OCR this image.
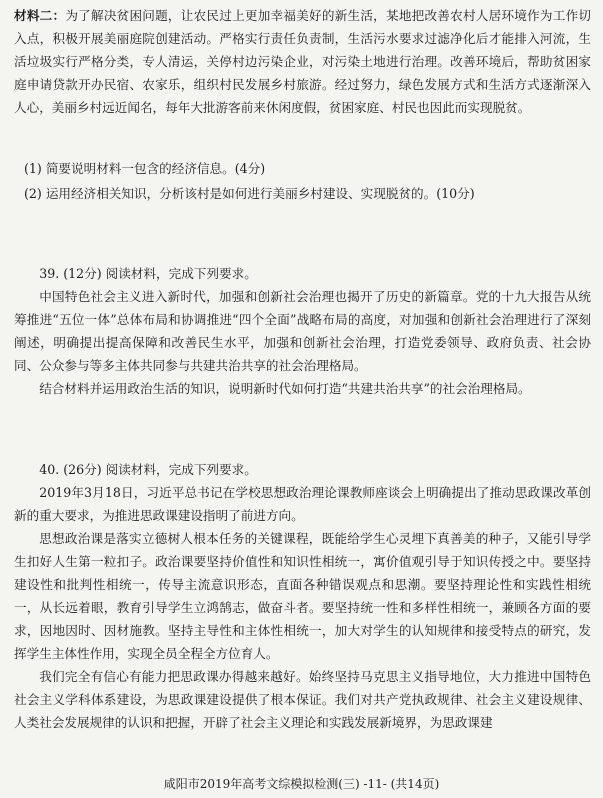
材料二：为了解决贫困问题，让农民过上更加幸福美好的新生活，某地把改善农村人居环境作为工作切入点，积极开展美丽庭院创建活动。严格实行责任负责制，生活污水要求过滤净化后才能排入河流，生活垃圾实行严格分类，专人清运，关停村边污染企业，对污染土地进行治理。改善环境后，帮助贫困家庭申请贷款开办民宿、农家乐，组织村民发展乡村旅游。经过努力，绿色发展方式和生活方式逐渐深入人心，美丽乡村远近闻名，每年大批游客前来休闲度假，贫困家庭、村民也因此而实现脱贫。

(1) 简要说明材料一包含的经济信息。(4分)

(2) 运用经济相关知识，分析该村是如何进行美丽乡村建设、实现脱贫的。(10分)

39. (12分) 阅读材料，完成下列要求。

中国特色社会主义进入新时代，加强和创新社会治理也揭开了历史的新篇章。党的十九大报告从统筹推进“五位一体”总体布局和协调推进“四个全面”战略布局的高度，对加强和创新社会治理进行了深刻阐述，明确提出提高保障和改善民生水平，加强和创新社会治理，打造党委领导、政府负责、社会协同、公众参与等多主体共同参与共建共治共享的社会治理格局。

结合材料并运用政治生活的知识，说明新时代如何打造“共建共治共享”的社会治理格局。

40. (26分) 阅读材料，完成下列要求。

2019年3月18日，习近平总书记在学校思想政治理论课教师座谈会上明确提出了推动思政课改革创新的重大要求，为推进思政课建设指明了前进方向。

思想政治课是落实立德树人根本任务的关键课程，既能给学生心灵埋下真善美的种子，又能引导学生扣好人生第一粒扣子。政治课要坚持价值性和知识性相统一，寓价值观引导于知识传授之中。要坚持建设性和批判性相统一，传导主流意识形态，直面各种错误观点和思潮。要坚持理论性和实践性相统一，从长远着眼，教育引导学生立鸿鹄志，做奋斗者。要坚持统一性和多样性相统一，兼顾各方面的要求，因地因时、因材施教。坚持主导性和主体性相统一，加大对学生的认知规律和接受特点的研究，发挥学生主体性作用，实现全员全程全方位育人。

我们完全有信心有能力把思政课办得越来越好。始终坚持马克思主义指导地位，大力推进中国特色社会主义学科体系建设，为思政课建设提供了根本保证。我们对共产党执政规律、社会主义建设规律、人类社会发展规律的认识和把握，开辟了社会主义理论和实践发展新境界，为思政课建

咸阳市2019年高考文综模拟检测(三) -11- (共14页)
